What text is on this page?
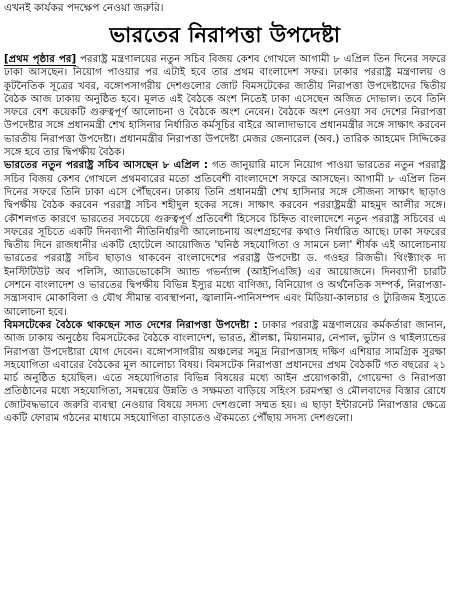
এখনই কার্যকর পদক্ষেপ নেওয়া জরুরি।
ভারতের নিরাপত্তা উপদেষ্টা

[প্রথম পৃষ্ঠার পর] পররাষ্ট্র মন্ত্রণালয়ের নতুন সচিব বিজয় কেশব গোখলে আগামী ৮ এপ্রিল তিন দিনের সফরে ঢাকা আসছেন। নিয়োগ পাওয়ার পর এটাই হবে তার প্রথম বাংলাদেশ সফর। ঢাকার পররাষ্ট্র মন্ত্রণালয় ও কূটনৈতিক সূত্রের খবর, বঙ্গোপসাগরীয় দেশগুলোর জোট বিমসটেকের জাতীয় নিরাপত্তা উপদেষ্টাদের দ্বিতীয় বৈঠক আজ ঢাকায় অনুষ্ঠিত হবে। মূলত এই বৈঠকে অংশ নিতেই ঢাকা এসেছেন অজিত দোভাল। তবে তিনি সফরে বেশ কয়েকটি গুরুত্বপূর্ণ আলোচনা ও বৈঠকে অংশ নেবেন। বৈঠকে অংশ নেওয়া সব দেশের নিরাপত্তা উপদেষ্টার সঙ্গে প্রধানমন্ত্রী শেখ হাসিনার নির্ধারিত কর্মসূচির বাইরে আলাদাভাবে প্রধানমন্ত্রীর সঙ্গে সাক্ষাৎ করবেন ভারতীয় নিরাপত্তা উপদেষ্টা। প্রধানমন্ত্রীর নিরাপত্তা উপদেষ্টা মেজর জেনারেল (অব.) তারিক আহমেদ সিদ্দিকের সঙ্গে হবে তার দ্বিপক্ষীয় বৈঠক।

ভারতের নতুন পররাষ্ট্র সচিব আসছেন ৮ এপ্রিল : গত জানুয়ারি মাসে নিয়োগ পাওয়া ভারতের নতুন পররাষ্ট্র সচিব বিজয় কেশব গোখলে প্রথমবারের মতো প্রতিবেশী বাংলাদেশে সফরে আসছেন। আগামী ৮ এপ্রিল তিন দিনের সফরে তিনি ঢাকা এসে পৌঁছবেন। ঢাকায় তিনি প্রধানমন্ত্রী শেখ হাসিনার সঙ্গে সৌজন্য সাক্ষাৎ ছাড়াও দ্বিপক্ষীয় বৈঠক করবেন পররাষ্ট্র সচিব শহীদুল হকের সঙ্গে। সাক্ষাৎ করবেন পররাষ্ট্রমন্ত্রী মাহমুদ আলীর সঙ্গে। কৌশলগত কারণে ভারতের সবচেয়ে গুরুত্বপূর্ণ প্রতিবেশী হিসেবে চিহ্নিত বাংলাদেশে নতুন পররাষ্ট্র সচিবের এ সফরের সূচিতে একটি দিনব্যাপী নীতিনির্ধারণী আলোচনায় অংশগ্রহণের কথাও নির্ধারিত আছে। ঢাকা সফরের দ্বিতীয় দিনে রাজধানীর একটি হোটেলে আয়োজিত 'ঘনিষ্ঠ সহযোগিতা ও সামনে চলা' শীর্ষক এই আলোচনায় ভারতের পররাষ্ট্র সচিব ছাড়াও থাকবেন বাংলাদেশের পররাষ্ট্র উপদেষ্টা ড. গওহর রিজভী। থিংক্ট্যাংক দ্য ইনস্টিটিউট অব পলিসি, অ্যাডভোকেসি অ্যান্ড গভর্ন্যান্স (আইপিএজি) এর আয়োজনে। দিনব্যাপী চারটি সেশনে বাংলাদেশ ও ভারতের দ্বিপক্ষীয় বিভিন্ন ইস্যুর মধ্যে বাণিজ্য, বিনিয়োগ ও অর্থনৈতিক সম্পর্ক, নিরাপত্তা-সন্ত্রাসবাদ মোকাবিলা ও যৌথ সীমান্ত ব্যবস্থাপনা, জ্বালানি-পানিসম্পদ এবং মিডিয়া-কালচার ও ট্যুরিজম ইস্যুতে আলোচনা হবে।

বিমসটেকের বৈঠকে থাকছেন সাত দেশের নিরাপত্তা উপদেষ্টা : ঢাকার পররাষ্ট্র মন্ত্রণালয়ের কর্মকর্তারা জানান, আজ ঢাকায় অনুষ্ঠেয় বিমসটেকের বৈঠকে বাংলাদেশ, ভারত, শ্রীলঙ্কা, মিয়ানমার, নেপাল, ভুটান ও থাইল্যান্ডের নিরাপত্তা উপদেষ্টারা যোগ দেবেন। বঙ্গোপসাগরীয় অঞ্চলের সমুদ্র নিরাপত্তাসহ দক্ষিণ এশিয়ার সামগ্রিক সুরক্ষা সহযোগিতা এবারের বৈঠকের মূল আলোচ্য বিষয়। বিমসটেক নিরাপত্তা প্রধানদের প্রথম বৈঠকটি গত বছরের ২১ মার্চ অনুষ্ঠিত হয়েছিল। এতে সহযোগিতার বিভিন্ন বিষয়ের মধ্যে আইন প্রয়োগকারী, গোয়েন্দা ও নিরাপত্তা প্রতিষ্ঠানের মধ্যে সহযোগিতা, সমন্বয়ের উন্নতি ও সক্ষমতা বাড়িয়ে সহিংস চরমপন্থা ও মৌলবাদের বিস্তার রোধে জোটবদ্ধভাবে জরুরি ব্যবস্থা নেওয়ার বিষয়ে সদস্য দেশগুলো সম্মত হয়। এ ছাড়া ইন্টারনেট নিরাপত্তার ক্ষেত্রে একটি ফোরাম গঠনের মাধ্যমে সহযোগিতা বাড়াতেও ঐকমত্যে পৌঁছায় সদস্য দেশগুলো।
